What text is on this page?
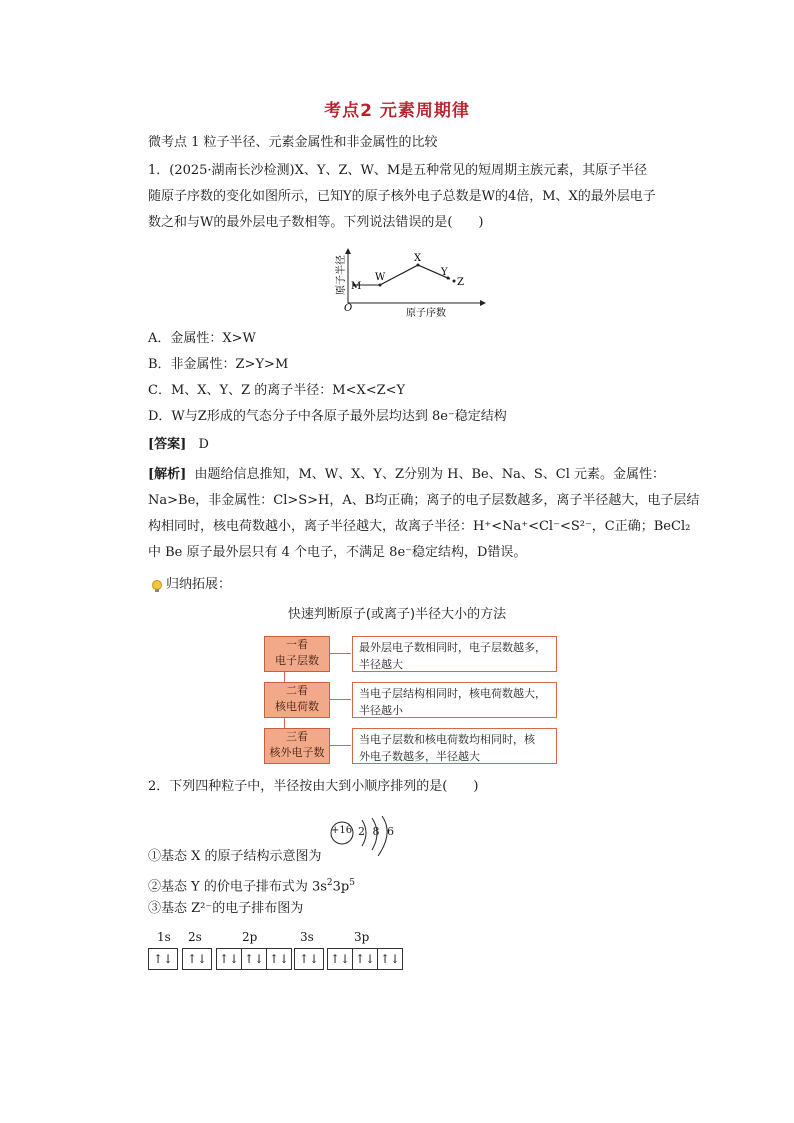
考点2 元素周期律
微考点 1 粒子半径、元素金属性和非金属性的比较
1．(2025·湖南长沙检测)X、Y、Z、W、M是五种常见的短周期主族元素，其原子半径
随原子序数的变化如图所示，已知Y的原子核外电子总数是W的4倍，M、X的最外层电子
数之和与W的最外层电子数相等。下列说法错误的是(　　)
M
W
X
Y
Z
O	原子序数
原子半径
A．金属性：X>W
B．非金属性：Z>Y>M
C．M、X、Y、Z 的离子半径：M<X<Z<Y
D．W与Z形成的气态分子中各原子最外层均达到 8e⁻稳定结构
[答案] D
[解析] 由题给信息推知，M、W、X、Y、Z分别为 H、Be、Na、S、Cl 元素。金属性：
Na>Be，非金属性：Cl>S>H，A、B均正确；离子的电子层数越多，离子半径越大，电子层结
构相同时，核电荷数越小，离子半径越大，故离子半径：H⁺<Na⁺<Cl⁻<S²⁻，C正确；BeCl₂
中 Be 原子最外层只有 4 个电子，不满足 8e⁻稳定结构，D错误。
归纳拓展：
快速判断原子(或离子)半径大小的方法
一看
电子层数
最外层电子数相同时，电子层数越多，
半径越大
二看
核电荷数
当电子层结构相同时，核电荷数越大，
半径越小
三看
核外电子数
当电子层数和核电荷数均相同时，核
外电子数越多，半径越大
2．下列四种粒子中，半径按由大到小顺序排列的是(　　)
+16 2 8 6
①基态 X 的原子结构示意图为
②基态 Y 的价电子排布式为 $3s^23p^5$
③基态 Z²⁻的电子排布图为
1s 2s	2p	3s	3p
↑↓	↑↓ ↑↓ ↑↓ ↑↓ ↑↓ ↑↓ ↑↓ ↑↓
